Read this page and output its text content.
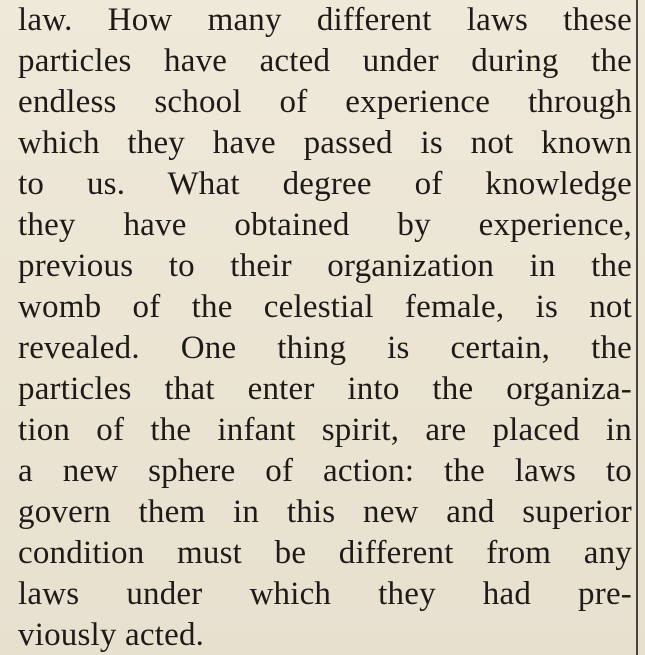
law. How many different laws these
particles have acted under during the
endless school of experience through
which they have passed is not known
to us. What degree of knowledge
they have obtained by experience,
previous to their organization in the
womb of the celestial female, is not
revealed. One thing is certain, the
particles that enter into the organiza-
tion of the infant spirit, are placed in
a new sphere of action: the laws to
govern them in this new and superior
condition must be different from any
laws under which they had pre-
viously acted.
